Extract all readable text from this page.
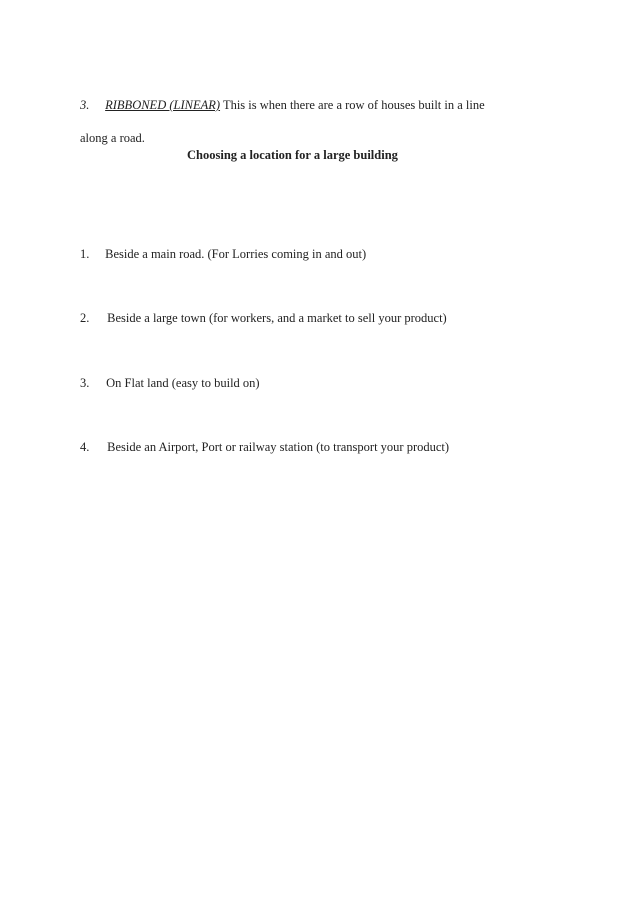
3. RIBBONED (LINEAR) This is when there are a row of houses built in a line
along a road.
Choosing a location for a large building
1. Beside a main road. (For Lorries coming in and out)
2. Beside a large town (for workers, and a market to sell your product)
3. On Flat land (easy to build on)
4. Beside an Airport, Port or railway station (to transport your product)
